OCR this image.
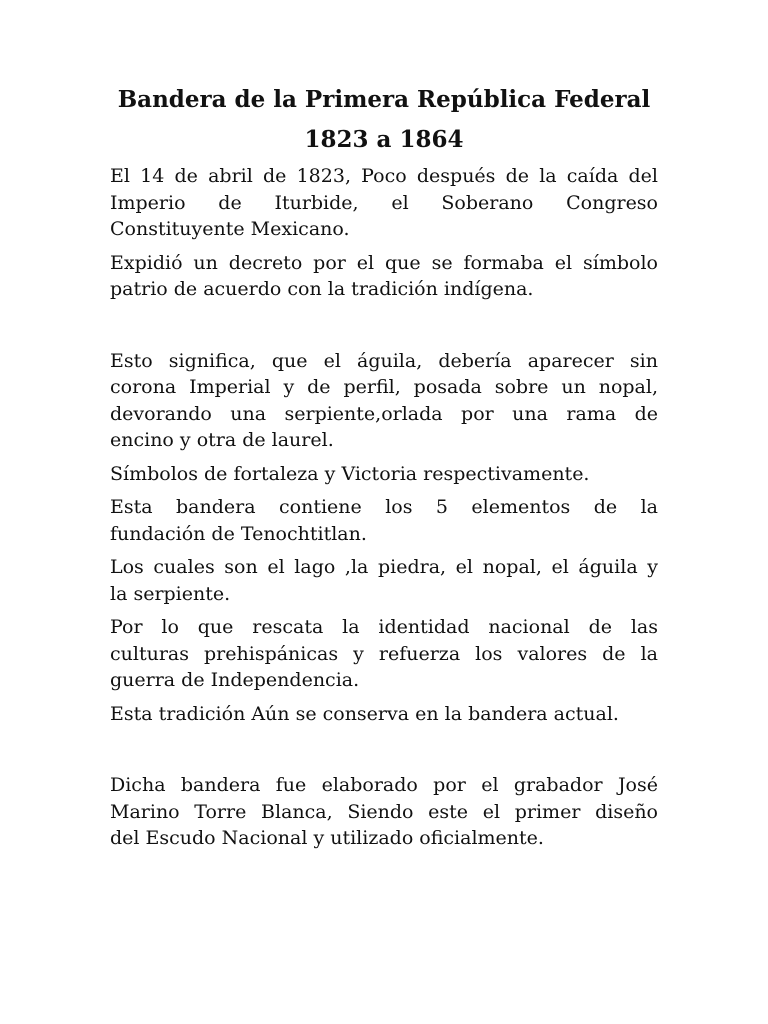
Bandera de la Primera República Federal
1823 a 1864

El 14 de abril de 1823, Poco después de la caída del
Imperio de Iturbide, el Soberano Congreso
Constituyente Mexicano.

Expidió un decreto por el que se formaba el símbolo
patrio de acuerdo con la tradición indígena.

Esto significa, que el águila, debería aparecer sin
corona Imperial y de perfil, posada sobre un nopal,
devorando una serpiente,orlada por una rama de
encino y otra de laurel.

Símbolos de fortaleza y Victoria respectivamente.

Esta bandera contiene los 5 elementos de la
fundación de Tenochtitlan.

Los cuales son el lago ,la piedra, el nopal, el águila y
la serpiente.

Por lo que rescata la identidad nacional de las
culturas prehispánicas y refuerza los valores de la
guerra de Independencia.

Esta tradición Aún se conserva en la bandera actual.

Dicha bandera fue elaborado por el grabador José
Marino Torre Blanca, Siendo este el primer diseño
del Escudo Nacional y utilizado oficialmente.
